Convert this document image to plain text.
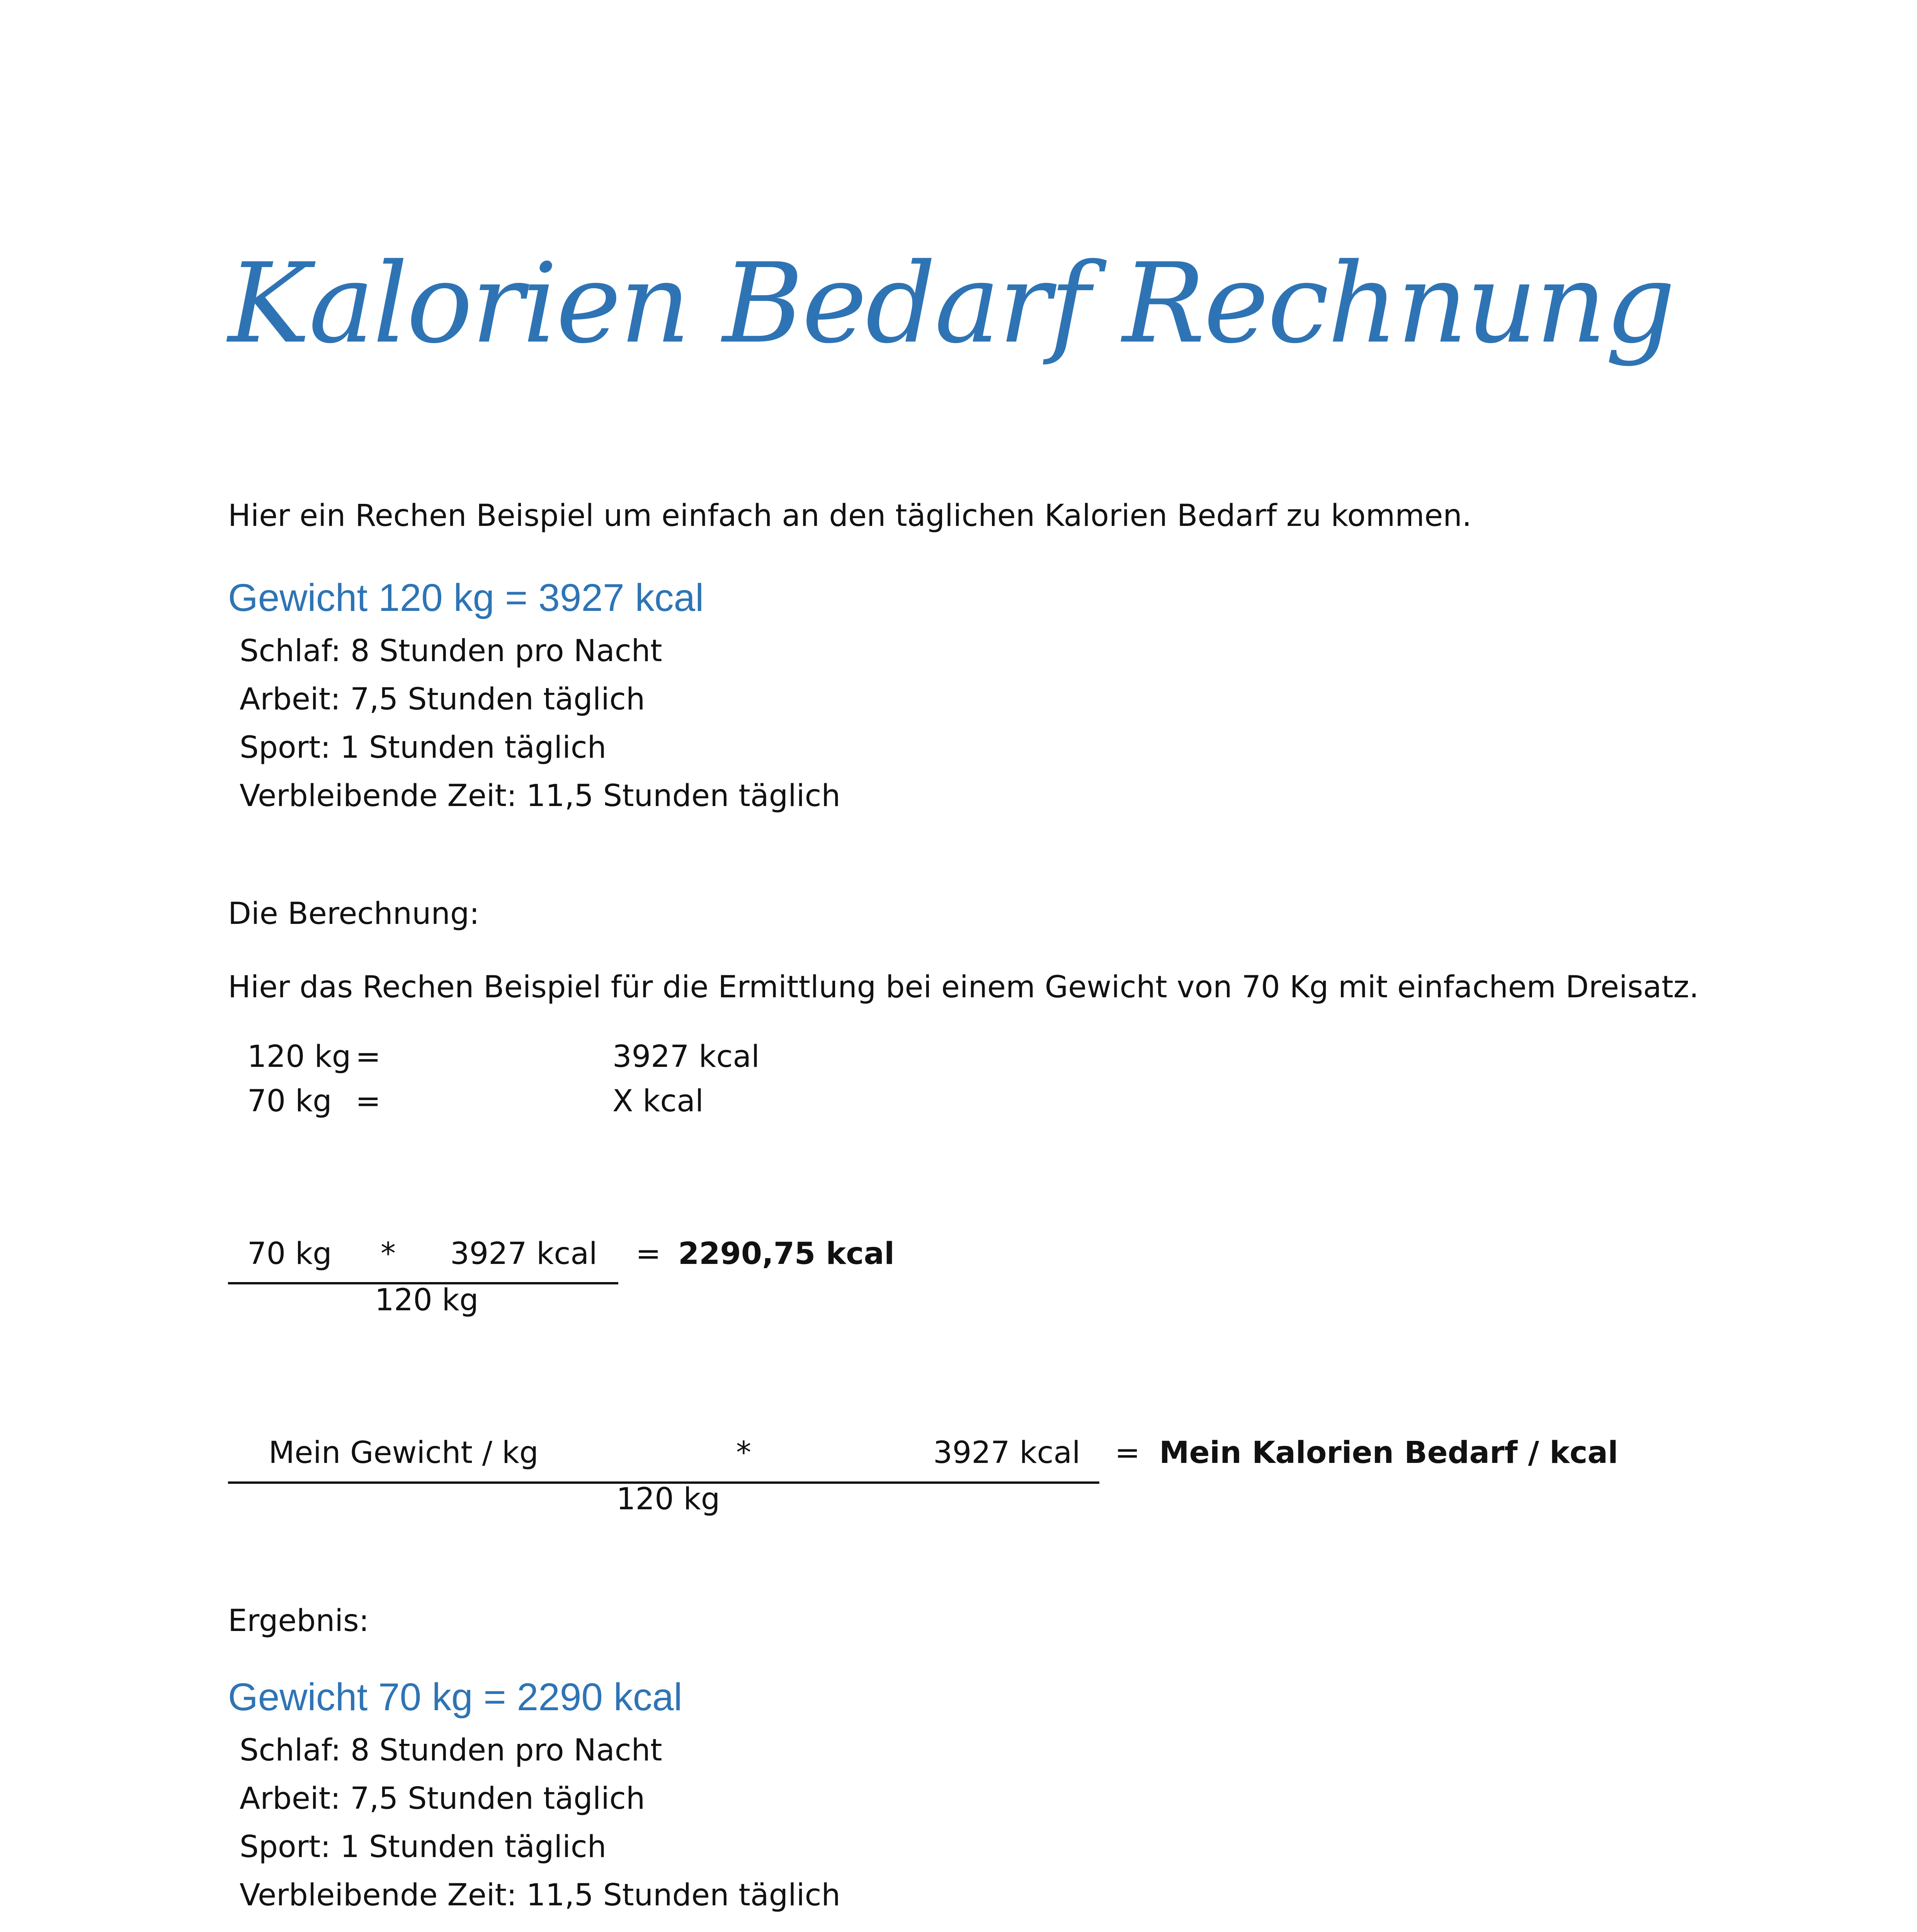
Kalorien Bedarf Rechnung
Hier ein Rechen Beispiel um einfach an den täglichen Kalorien Bedarf zu kommen.
Gewicht 120 kg = 3927 kcal
Schlaf: 8 Stunden pro Nacht
Arbeit: 7,5 Stunden täglich
Sport: 1 Stunden täglich
Verbleibende Zeit: 11,5 Stunden täglich
Die Berechnung:
Hier das Rechen Beispiel für die Ermittlung bei einem Gewicht von 70 Kg mit einfachem Dreisatz.
120 kg =	3927 kcal
70 kg =	X kcal
70 kg * 3927 kcal
120 kg
= 2290,75 kcal
Mein Gewicht / kg	*	3927 kcal
120 kg
= Mein Kalorien Bedarf / kcal
Ergebnis:
Gewicht 70 kg = 2290 kcal
Schlaf: 8 Stunden pro Nacht
Arbeit: 7,5 Stunden täglich
Sport: 1 Stunden täglich
Verbleibende Zeit: 11,5 Stunden täglich
